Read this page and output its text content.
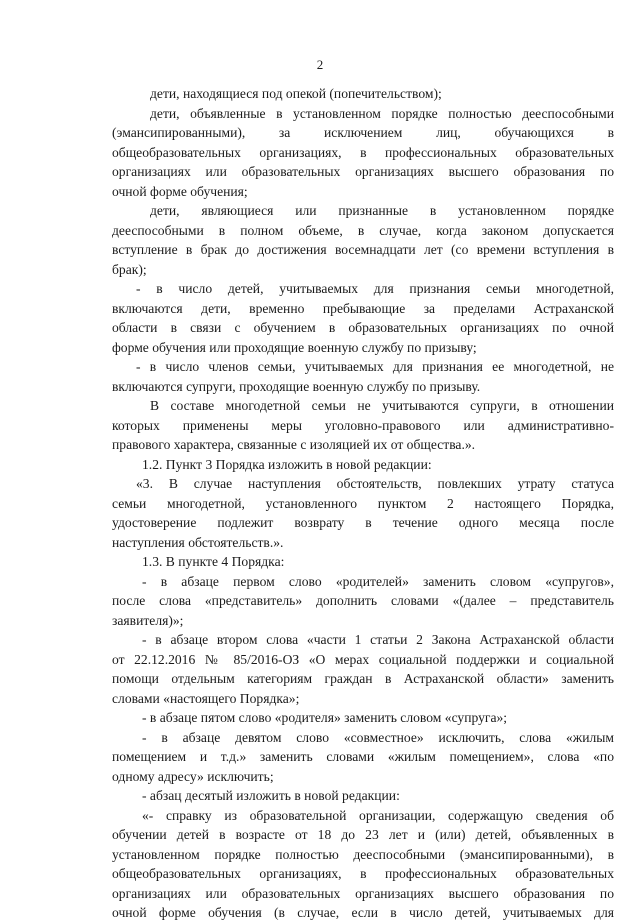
2
дети, находящиеся под опекой (попечительством);
дети, объявленные в установленном порядке полностью дееспособными
(эмансипированными), за исключением лиц, обучающихся в
общеобразовательных организациях, в профессиональных образовательных
организациях или образовательных организациях высшего образования по
очной форме обучения;
дети, являющиеся или признанные в установленном порядке
дееспособными в полном объеме, в случае, когда законом допускается
вступление в брак до достижения восемнадцати лет (со времени вступления в
брак);
- в число детей, учитываемых для признания семьи многодетной,
включаются дети, временно пребывающие за пределами Астраханской
области в связи с обучением в образовательных организациях по очной
форме обучения или проходящие военную службу по призыву;
- в число членов семьи, учитываемых для признания ее многодетной, не
включаются супруги, проходящие военную службу по призыву.
В составе многодетной семьи не учитываются супруги, в отношении
которых применены меры уголовно-правового или административно-
правового характера, связанные с изоляцией их от общества.».
1.2. Пункт 3 Порядка изложить в новой редакции:
«3. В случае наступления обстоятельств, повлекших утрату статуса
семьи многодетной, установленного пунктом 2 настоящего Порядка,
удостоверение подлежит возврату в течение одного месяца после
наступления обстоятельств.».
1.3. В пункте 4 Порядка:
- в абзаце первом слово «родителей» заменить словом «супругов»,
после слова «представитель» дополнить словами «(далее – представитель
заявителя)»;
- в абзаце втором слова «части 1 статьи 2 Закона Астраханской области
от 22.12.2016 № 85/2016-ОЗ «О мерах социальной поддержки и социальной
помощи отдельным категориям граждан в Астраханской области» заменить
словами «настоящего Порядка»;
- в абзаце пятом слово «родителя» заменить словом «супруга»;
- в абзаце девятом слово «совместное» исключить, слова «жилым
помещением и т.д.» заменить словами «жилым помещением», слова «по
одному адресу» исключить;
- абзац десятый изложить в новой редакции:
«- справку из образовательной организации, содержащую сведения об
обучении детей в возрасте от 18 до 23 лет и (или) детей, объявленных в
установленном порядке полностью дееспособными (эмансипированными), в
общеобразовательных организациях, в профессиональных образовательных
организациях или образовательных организациях высшего образования по
очной форме обучения (в случае, если в число детей, учитываемых для
